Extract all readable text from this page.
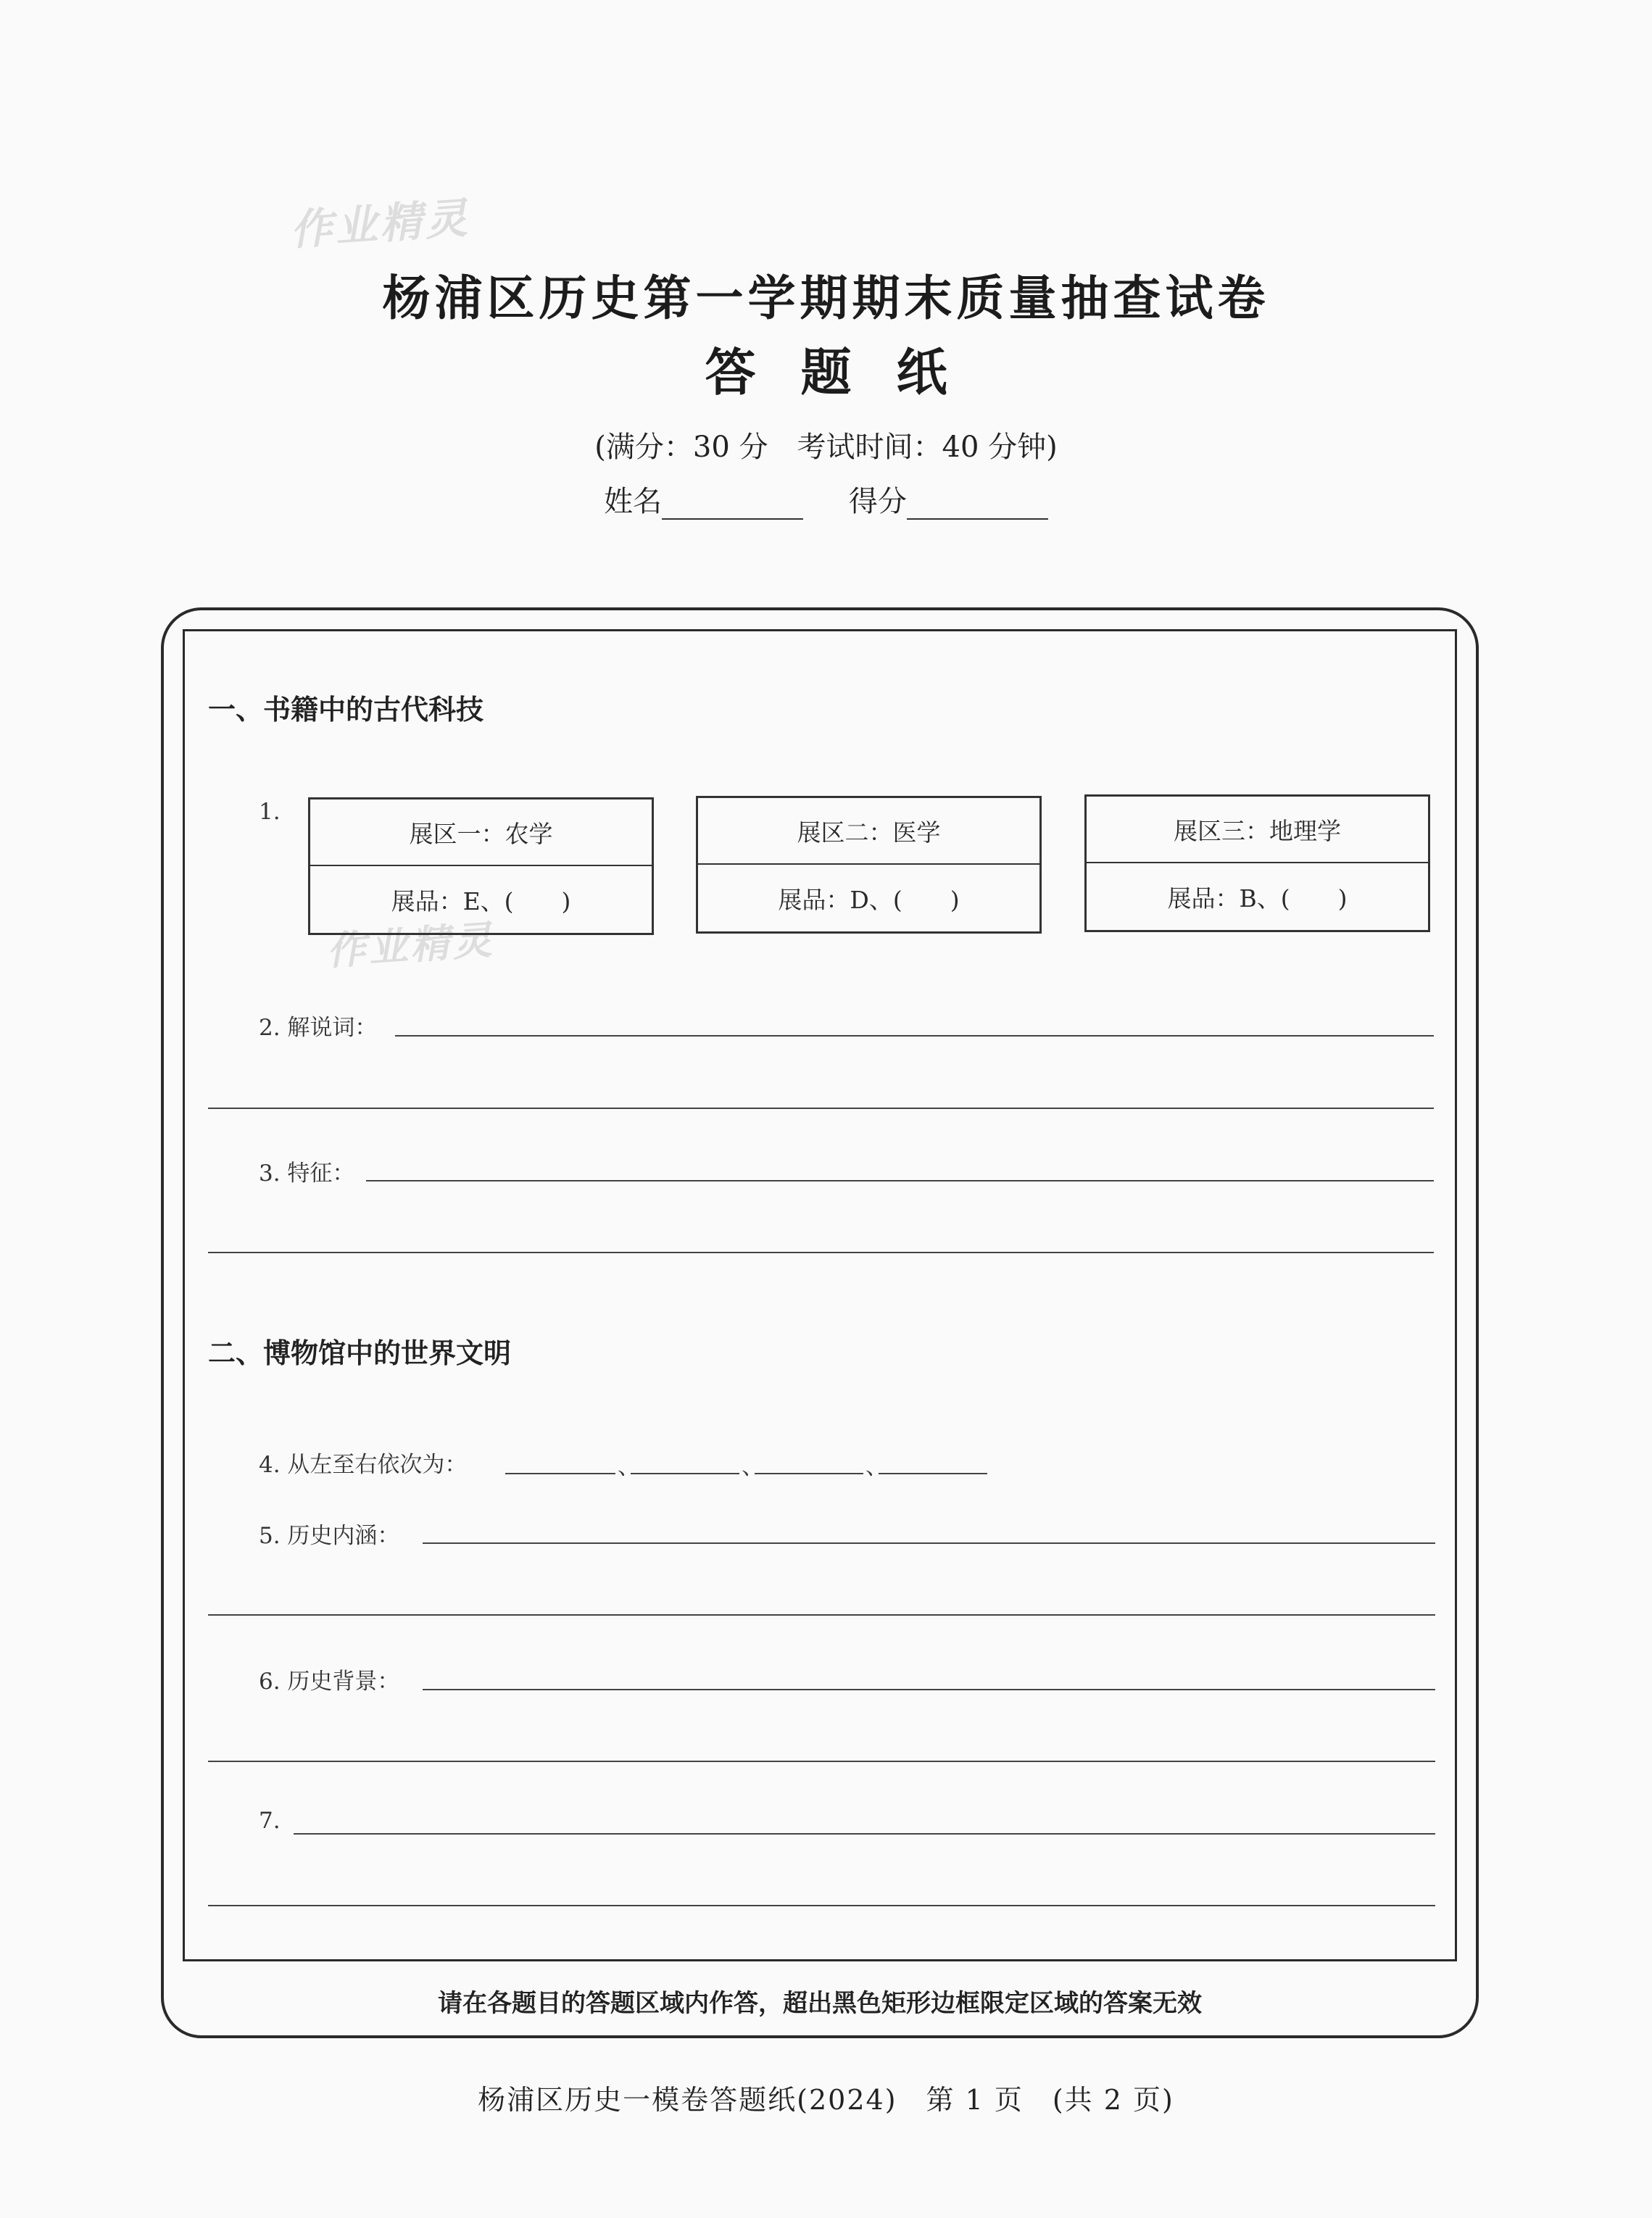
作业精灵
作业精灵
杨浦区历史第一学期期末质量抽查试卷
答题纸
(满分：30 分　考试时间：40 分钟)
姓名	得分
一、书籍中的古代科技
1.
展区一：农学
展品：E、(　　)
展区二：医学
展品：D、(　　)
展区三：地理学
展品：B、(　　)
2. 解说词：
3. 特征：
二、博物馆中的世界文明
4. 从左至右依次为：	、	、	、
5. 历史内涵：
6. 历史背景：
7.
请在各题目的答题区域内作答，超出黑色矩形边框限定区域的答案无效
杨浦区历史一模卷答题纸(2024)　第 1 页　(共 2 页)
